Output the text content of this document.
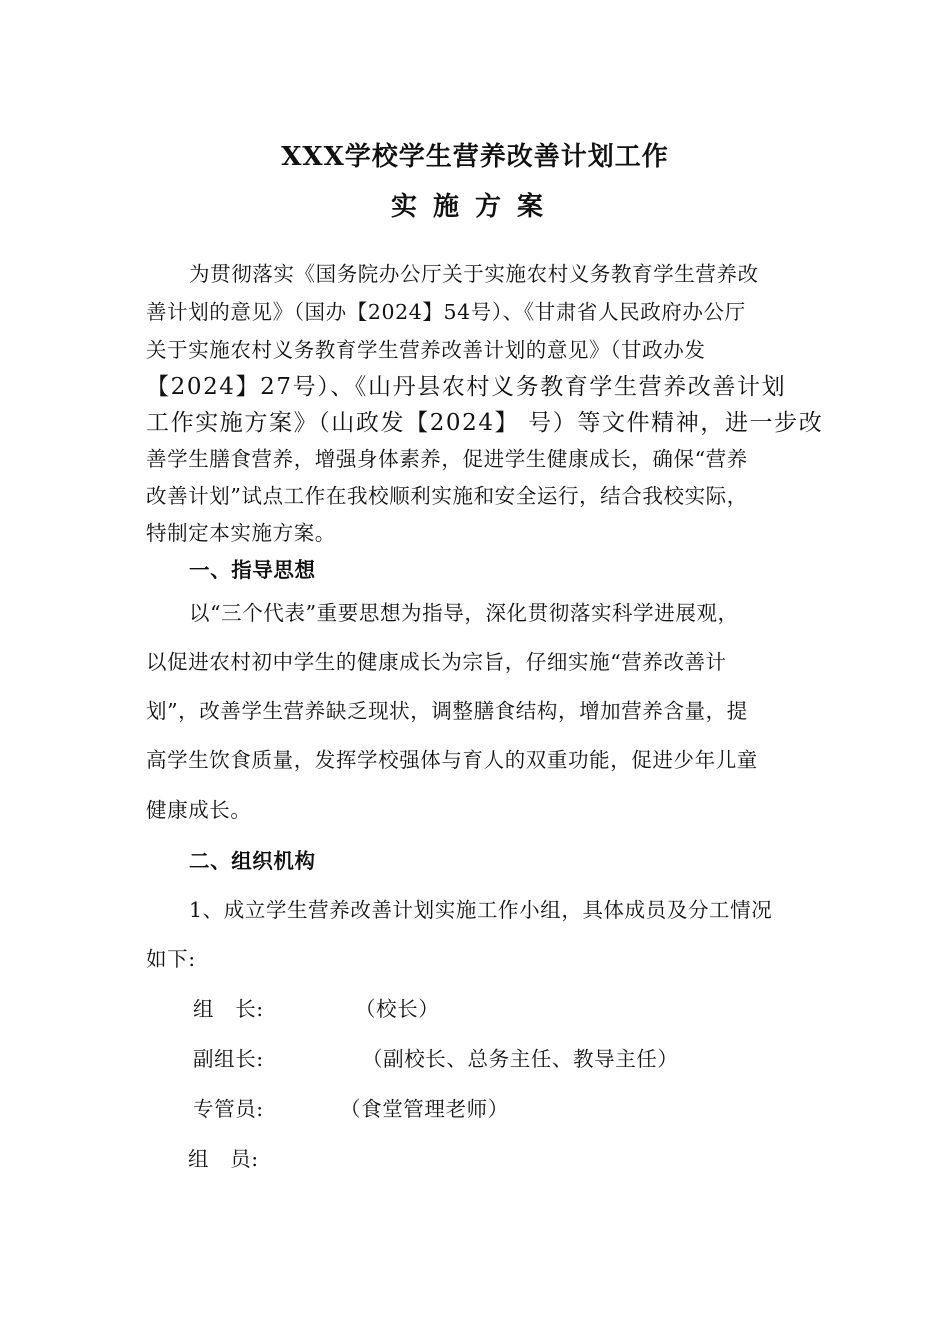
XXX学校学生营养改善计划工作
实施方案
为贯彻落实《国务院办公厅关于实施农村义务教育学生营养改
善计划的意见》（国办【2024】54号）、《甘肃省人民政府办公厅
关于实施农村义务教育学生营养改善计划的意见》（甘政办发
【2024】27号）、《山丹县农村义务教育学生营养改善计划
工作实施方案》（山政发【2024】 号）等文件精神，进一步改
善学生膳食营养，增强身体素养，促进学生健康成长，确保“营养
改善计划”试点工作在我校顺利实施和安全运行，结合我校实际，
特制定本实施方案。
一、指导思想
以“三个代表”重要思想为指导，深化贯彻落实科学进展观，
以促进农村初中学生的健康成长为宗旨，仔细实施“营养改善计
划”，改善学生营养缺乏现状，调整膳食结构，增加营养含量，提
高学生饮食质量，发挥学校强体与育人的双重功能，促进少年儿童
健康成长。
二、组织机构
1、成立学生营养改善计划实施工作小组，具体成员及分工情况
如下:
组　长:	（校长）
副组长:	（副校长、总务主任、教导主任）
专管员:	（食堂管理老师）
组　员:
